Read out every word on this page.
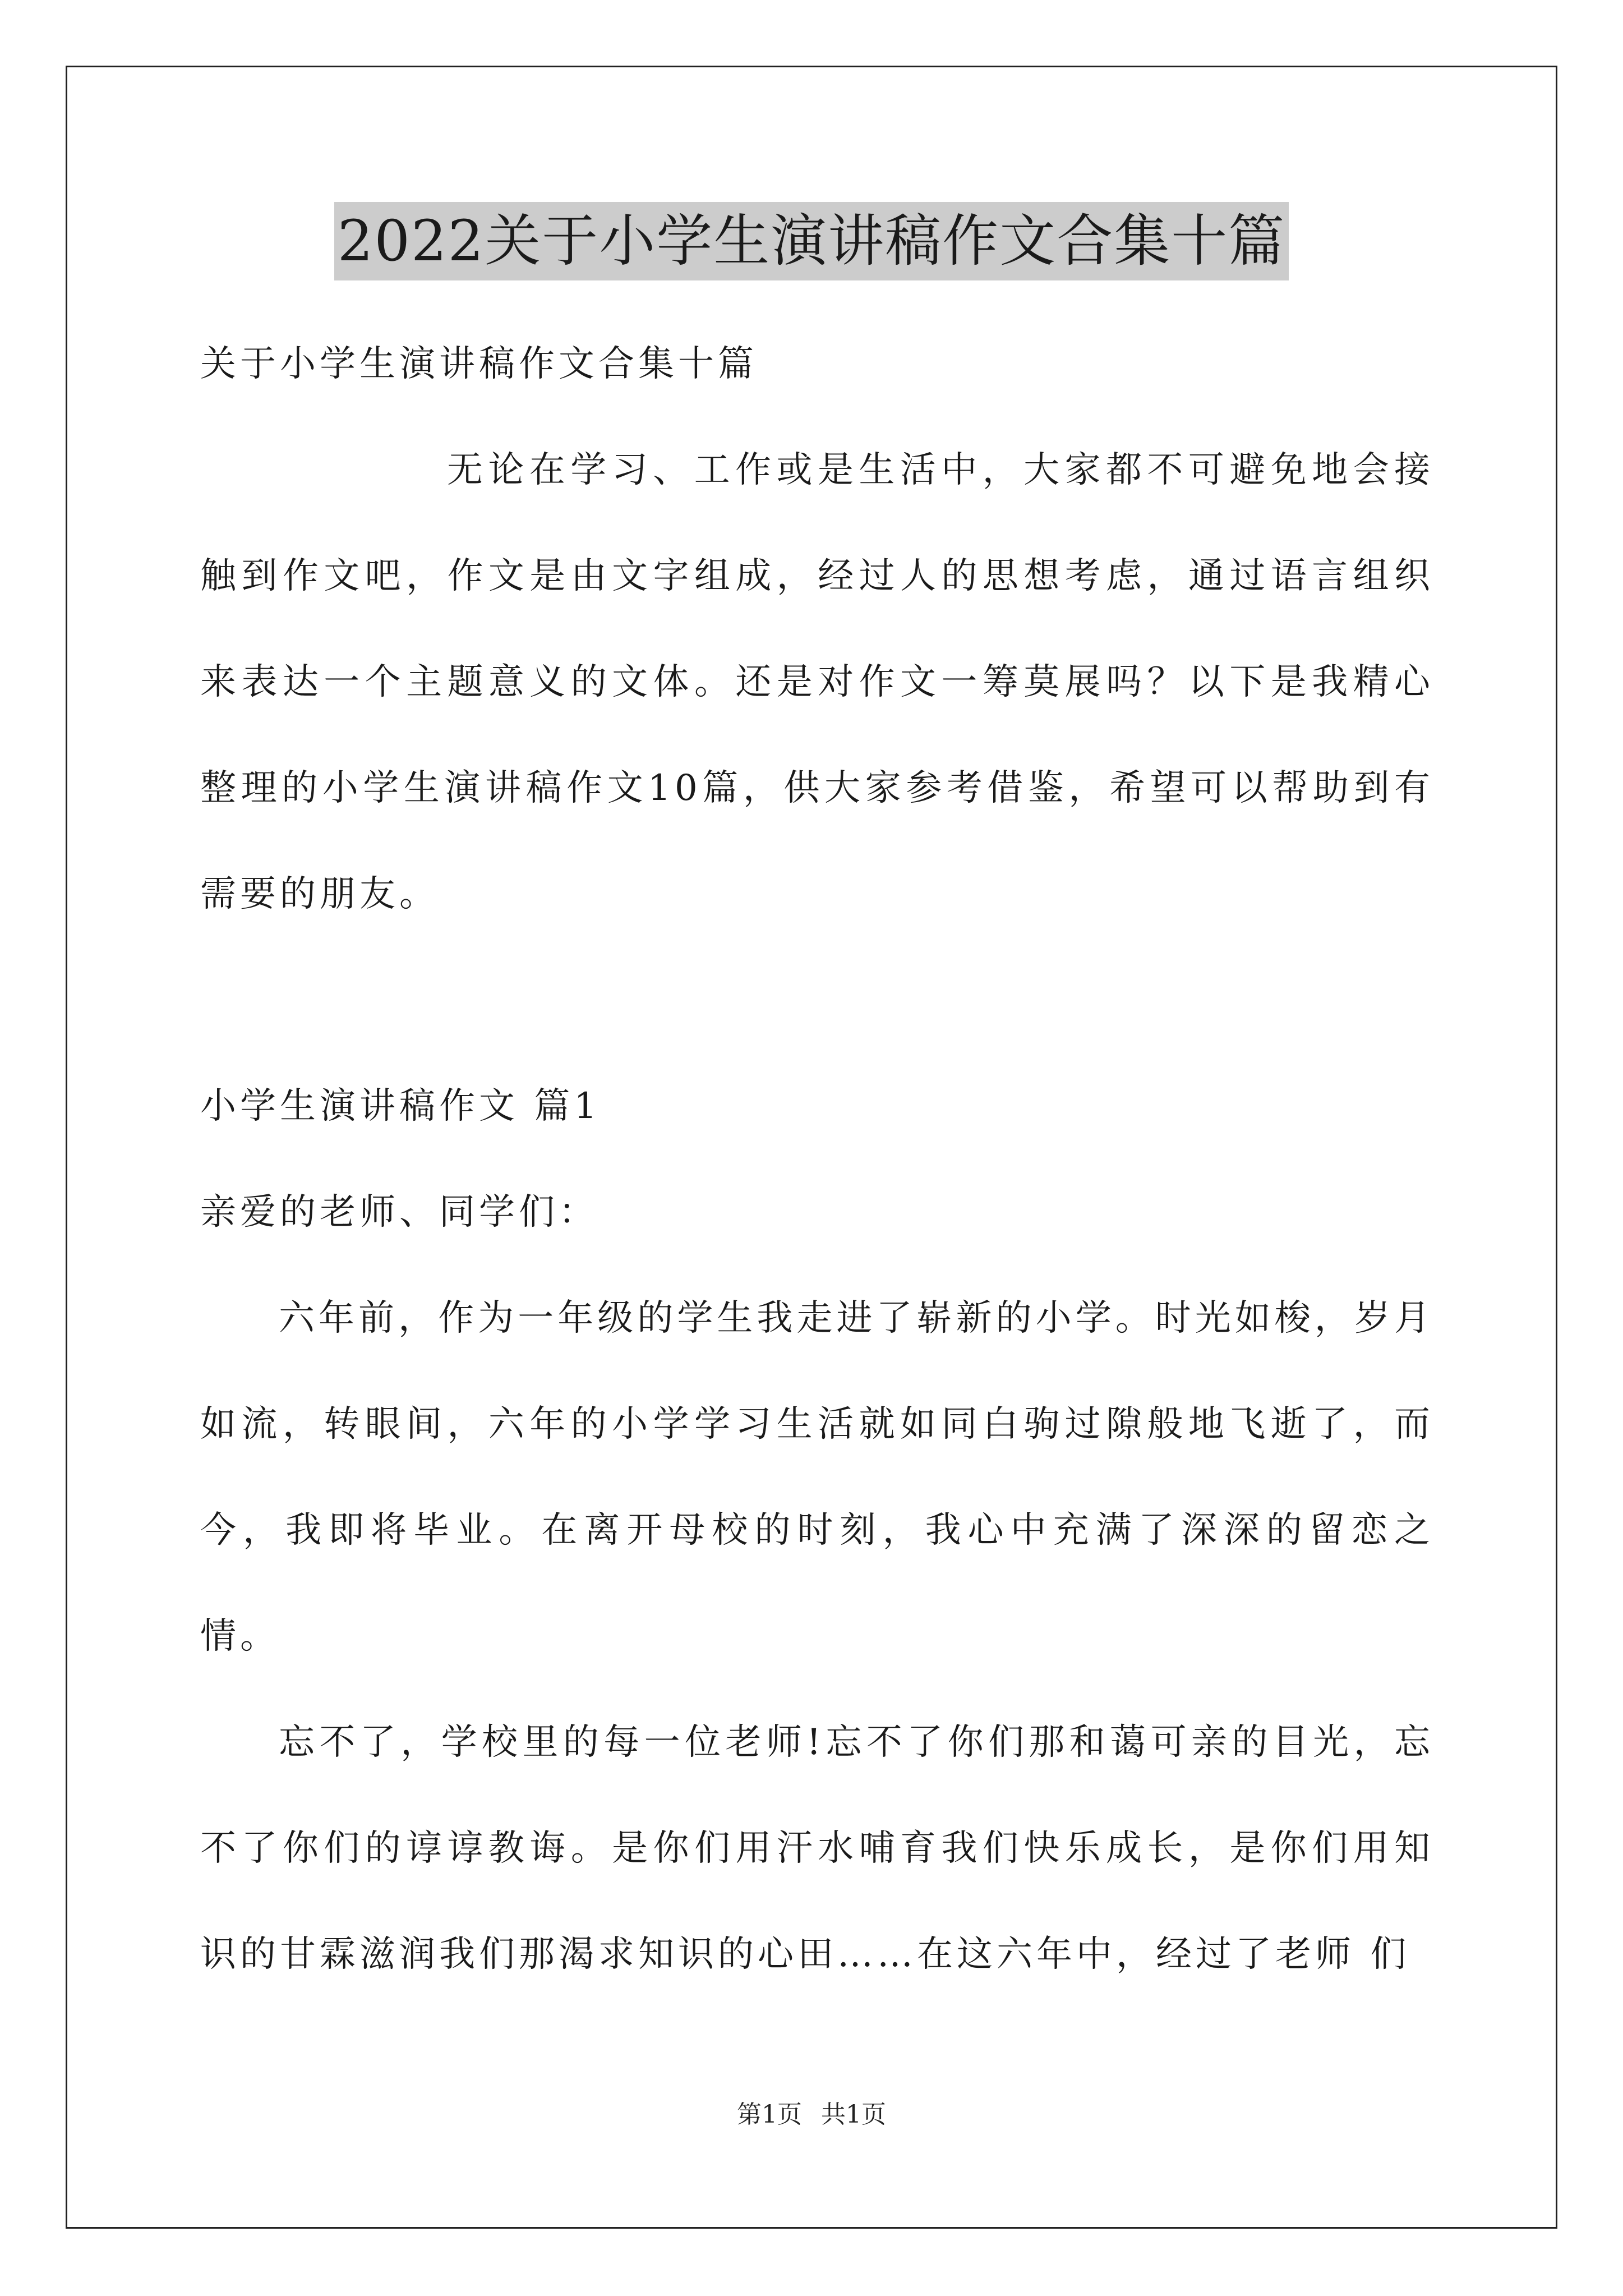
2022关于小学生演讲稿作文合集十篇

关于小学生演讲稿作文合集十篇

无论在学习、工作或是生活中，大家都不可避免地会接触到作文吧，作文是由文字组成，经过人的思想考虑，通过语言组织来表达一个主题意义的文体。还是对作文一筹莫展吗？以下是我精心整理的小学生演讲稿作文10篇，供大家参考借鉴，希望可以帮助到有需要的朋友。

小学生演讲稿作文 篇1

亲爱的老师、同学们：

六年前，作为一年级的学生我走进了崭新的小学。时光如梭，岁月如流，转眼间，六年的小学学习生活就如同白驹过隙般地飞逝了，而今，我即将毕业。在离开母校的时刻，我心中充满了深深的留恋之情。

忘不了，学校里的每一位老师!忘不了你们那和蔼可亲的目光，忘不了你们的谆谆教诲。是你们用汗水哺育我们快乐成长，是你们用知识的甘霖滋润我们那渴求知识的心田……在这六年中，经过了老师 们

第1页 共1页
